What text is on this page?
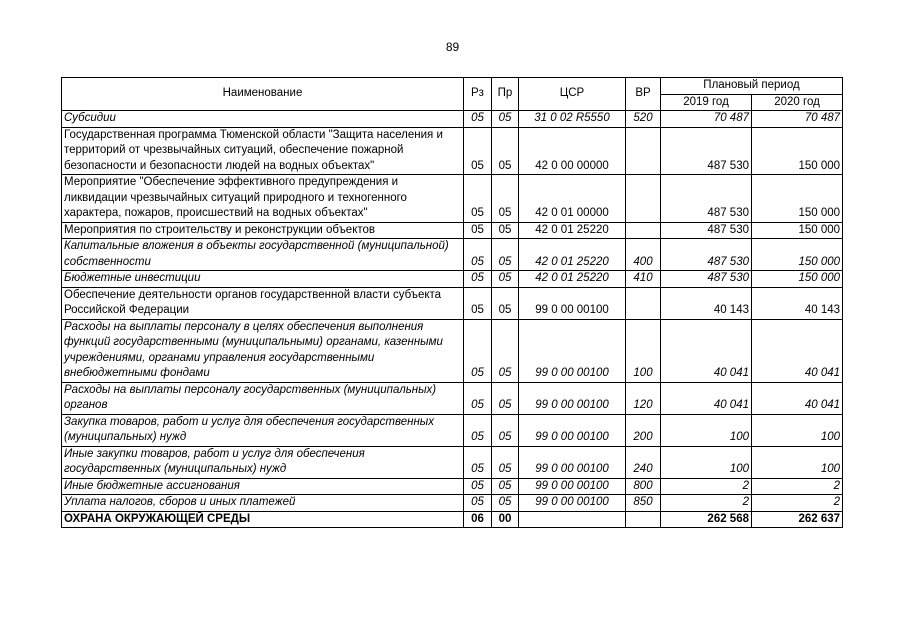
89
Наименование	Рз	Пр	ЦСР	ВР	Плановый период	
					2019 год	2020 год
Субсидии	05	05	31 0 02 R5550	520	70 487	70 487
Государственная программа Тюменской области "Защита населения и территорий от чрезвычайных ситуаций, обеспечение пожарной безопасности и безопасности людей на водных объектах"	05	05	42 0 00 00000		487 530	150 000
Мероприятие "Обеспечение эффективного предупреждения и ликвидации чрезвычайных ситуаций природного и техногенного характера, пожаров, происшествий на водных объектах"	05	05	42 0 01 00000		487 530	150 000
Мероприятия по строительству и реконструкции объектов	05	05	42 0 01 25220		487 530	150 000
Капитальные вложения в объекты государственной (муниципальной) собственности	05	05	42 0 01 25220	400	487 530	150 000
Бюджетные инвестиции	05	05	42 0 01 25220	410	487 530	150 000
Обеспечение деятельности органов государственной власти субъекта Российской Федерации	05	05	99 0 00 00100		40 143	40 143
Расходы на выплаты персоналу в целях обеспечения выполнения функций государственными (муниципальными) органами, казенными учреждениями, органами управления государственными внебюджетными фондами	05	05	99 0 00 00100	100	40 041	40 041
Расходы на выплаты персоналу государственных (муниципальных) органов	05	05	99 0 00 00100	120	40 041	40 041
Закупка товаров, работ и услуг для обеспечения государственных (муниципальных) нужд	05	05	99 0 00 00100	200	100	100
Иные закупки товаров, работ и услуг для обеспечения государственных (муниципальных) нужд	05	05	99 0 00 00100	240	100	100
Иные бюджетные ассигнования	05	05	99 0 00 00100	800	2	2
Уплата налогов, сборов и иных платежей	05	05	99 0 00 00100	850	2	2
ОХРАНА ОКРУЖАЮЩЕЙ СРЕДЫ	06	00			262 568	262 637
